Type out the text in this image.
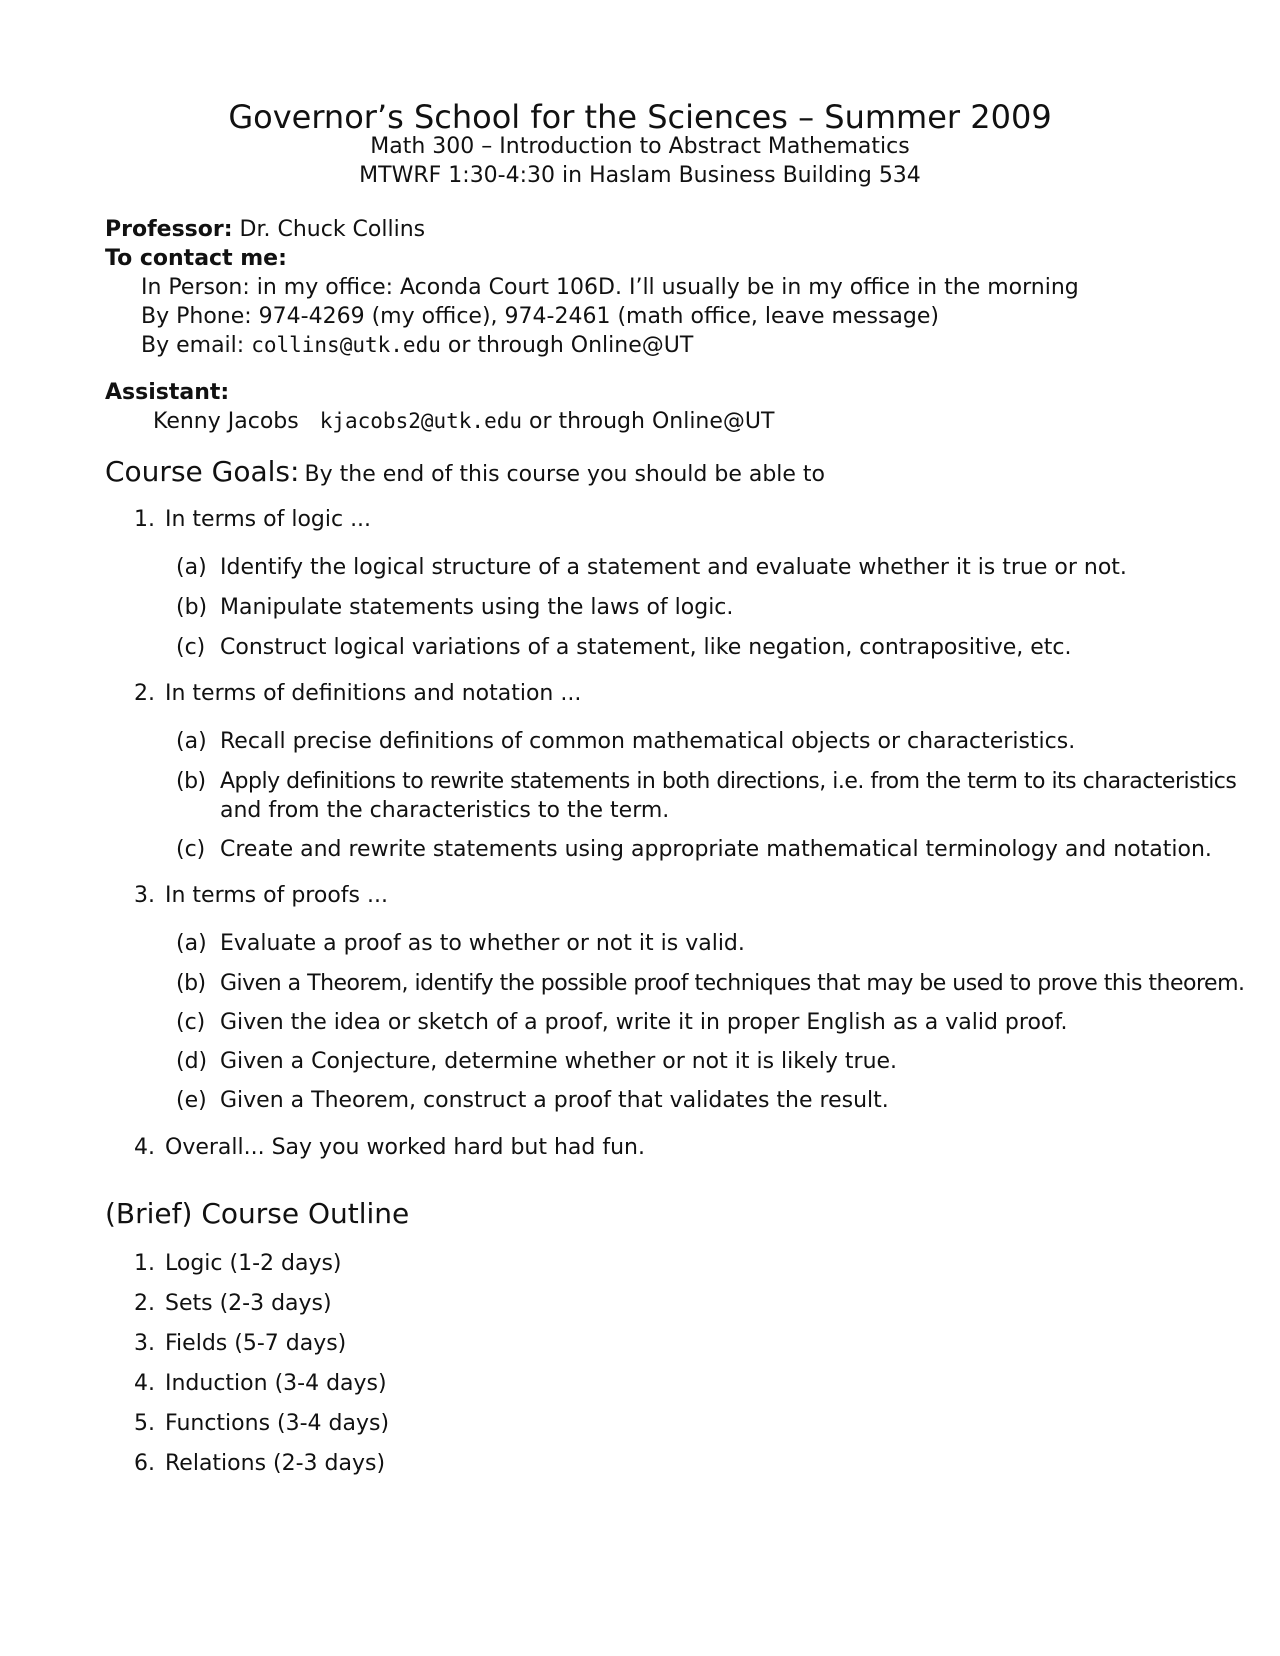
Governor’s School for the Sciences – Summer 2009
Math 300 – Introduction to Abstract Mathematics
MTWRF 1:30-4:30 in Haslam Business Building 534
Professor: Dr. Chuck Collins
To contact me:
In Person: in my office: Aconda Court 106D. I’ll usually be in my office in the morning
By Phone: 974-4269 (my office), 974-2461 (math office, leave message)
By email: collins@utk.edu or through Online@UT
Assistant:
Kenny Jacobs kjacobs2@utk.edu or through Online@UT
Course Goals: By the end of this course you should be able to
1. In terms of logic ...
(a) Identify the logical structure of a statement and evaluate whether it is true or not.
(b) Manipulate statements using the laws of logic.
(c) Construct logical variations of a statement, like negation, contrapositive, etc.
2. In terms of definitions and notation ...
(a) Recall precise definitions of common mathematical objects or characteristics.
(b) Apply definitions to rewrite statements in both directions, i.e. from the term to its characteristics
and from the characteristics to the term.
(c) Create and rewrite statements using appropriate mathematical terminology and notation.
3. In terms of proofs ...
(a) Evaluate a proof as to whether or not it is valid.
(b) Given a Theorem, identify the possible proof techniques that may be used to prove this theorem.
(c) Given the idea or sketch of a proof, write it in proper English as a valid proof.
(d) Given a Conjecture, determine whether or not it is likely true.
(e) Given a Theorem, construct a proof that validates the result.
4. Overall... Say you worked hard but had fun.
(Brief) Course Outline
1. Logic (1-2 days)
2. Sets (2-3 days)
3. Fields (5-7 days)
4. Induction (3-4 days)
5. Functions (3-4 days)
6. Relations (2-3 days)
